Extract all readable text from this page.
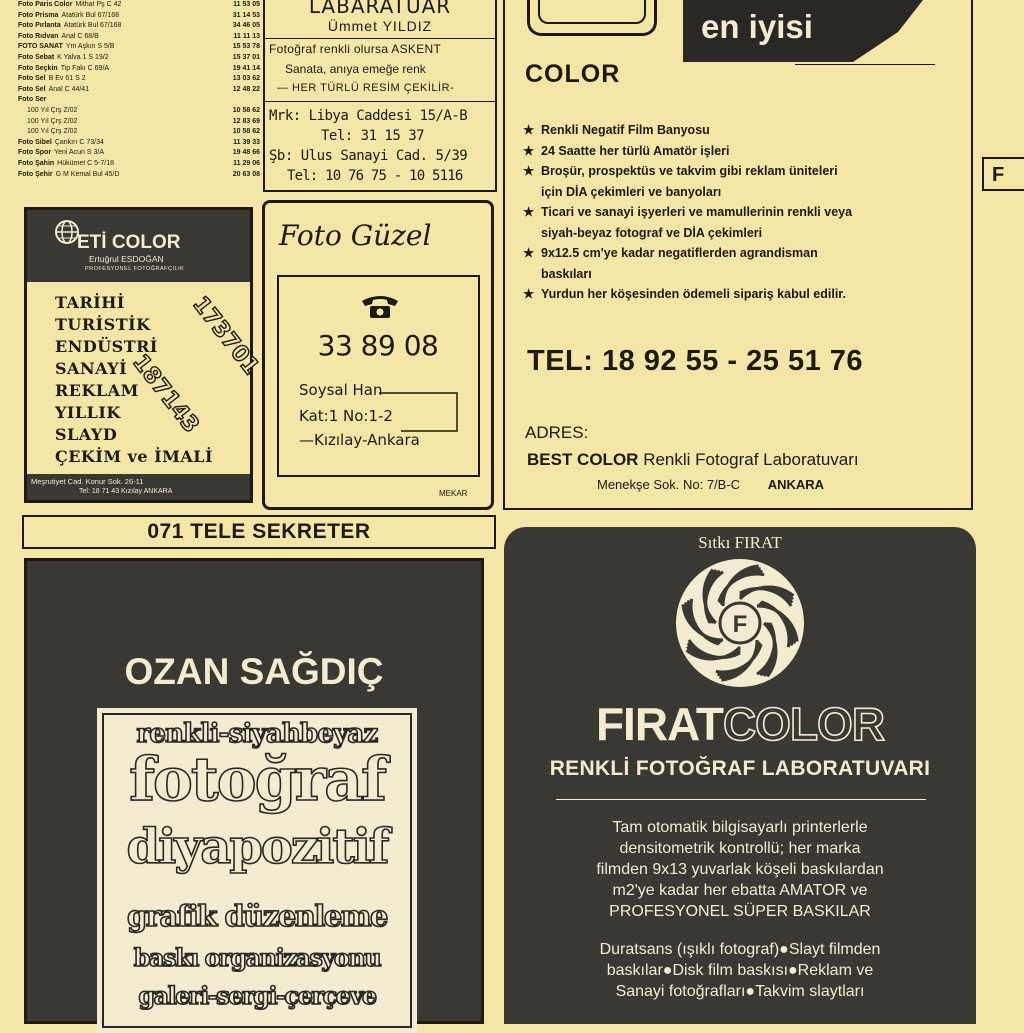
Foto Paris Color Mithat Pş C 42	11 53 05
Foto Prisma Atatürk Bul 67/168	31 14 53
Foto Pırlanta Atatürk Bul 67/168	34 46 05
Foto Rıdvan Anal C 68/B	11 11 13
FOTO SANAT Ym Aşkın S 5/B	15 53 78
Foto Sebat K Yalva 1 S 19/2	15 37 01
Foto Seçkin Tip Fakı C 69/A	19 41 14
Foto Sel B Ev 61 S 2	13 03 62
Foto Sel Anal C 44/41	12 48 22
Foto Ser
100 Yıl Çrş Z/02	10 58 62
100 Yıl Çrş Z/02	12 83 69
100 Yıl Çrş Z/02	10 58 62
Foto Sibel Çankırı C 73/34	11 39 33
Foto Spor Yeni Acun S 3/A	19 48 66
Foto Şahin Hükümet C 5-7/18	11 29 06
Foto Şehir G M Kemal Bul 45/D	20 63 08
LABARATUAR
Ümmet YILDIZ
Fotoğraf renkli olursa ASKENT
Sanata, anıya emeğe renk
— HER TÜRLÜ RESİM ÇEKİLİR-
Mrk: Libya Caddesi 15/A-B
Tel: 31 15 37
Şb: Ulus Sanayi Cad. 5/39
Tel: 10 76 75 - 10 5116
en iyisi
COLOR
★ Renkli Negatif Film Banyosu
★ 24 Saatte her türlü Amatör işleri
★ Broşür, prospektüs ve takvim gibi reklam üniteleri
için DİA çekimleri ve banyoları
★ Ticari ve sanayi işyerleri ve mamullerinin renkli veya
siyah-beyaz fotograf ve DİA çekimleri
★ 9x12.5 cm'ye kadar negatiflerden agrandisman
baskıları
★ Yurdun her köşesinden ödemeli sipariş kabul edilir.
TEL: 18 92 55 - 25 51 76
ADRES:
BEST COLOR Renkli Fotograf Laboratuvarı
Menekşe Sok. No: 7/B-C ANKARA
F
ETİ COLOR
Ertuğrul ESDOĞAN
PROFESYONEL FOTOĞRAFÇILIK
TARİHİ
TURİSTİK
ENDÜSTRİ
SANAYİ
REKLAM
YILLIK
SLAYD
ÇEKİM ve İMALİ
187143
173701
Meşrutiyet Cad. Konur Sok. 26-11
Tel: 18 71 43 Kızılay ANKARA
Foto Güzel
33 89 08
Soysal Han
Kat:1 No:1-2
—Kızılay-Ankara
MEKAR
071 TELE SEKRETER
OZAN SAĞDIÇ
renkli-siyahbeyaz
fotoğraf
diyapozitif
grafik düzenleme
baskı organizasyonu
galeri-sergi-çerçeve
Sıtkı FIRAT
F
FIRATCOLOR
RENKLİ FOTOĞRAF LABORATUVARI
Tam otomatik bilgisayarlı printerlerle
densitometrik kontrollü; her marka
filmden 9x13 yuvarlak köşeli baskılardan
m2'ye kadar her ebatta AMATOR ve
PROFESYONEL SÜPER BASKILAR
Duratsans (ışıklı fotograf)●Slayt filmden
baskılar●Disk film baskısı●Reklam ve
Sanayi fotoğrafları●Takvim slaytları
